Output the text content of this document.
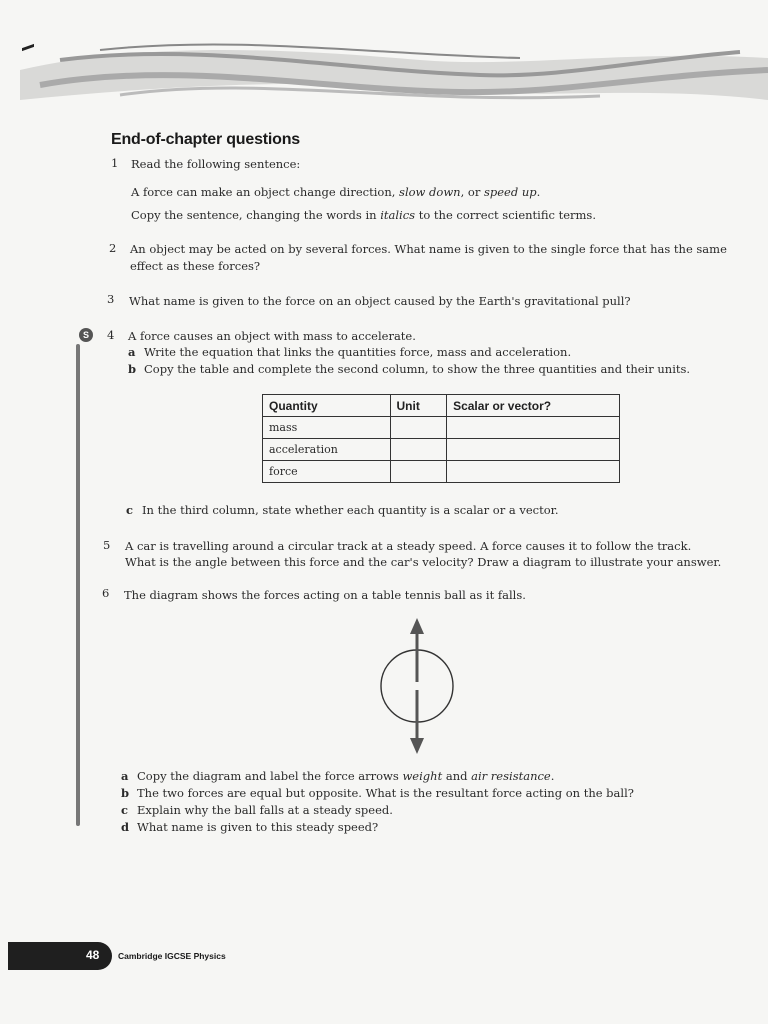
End-of-chapter questions
1 Read the following sentence:
A force can make an object change direction, slow down, or speed up.
Copy the sentence, changing the words in italics to the correct scientific terms.
2 An object may be acted on by several forces. What name is given to the single force that has the same
effect as these forces?
3 What name is given to the force on an object caused by the Earth's gravitational pull?
S	4 A force causes an object with mass to accelerate.
a Write the equation that links the quantities force, mass and acceleration.
b Copy the table and complete the second column, to show the three quantities and their units.
Quantity	Unit	Scalar or vector?
mass		
acceleration		
force		
c In the third column, state whether each quantity is a scalar or a vector.
5 A car is travelling around a circular track at a steady speed. A force causes it to follow the track.
What is the angle between this force and the car's velocity? Draw a diagram to illustrate your answer.
6 The diagram shows the forces acting on a table tennis ball as it falls.
a Copy the diagram and label the force arrows weight and air resistance.
b The two forces are equal but opposite. What is the resultant force acting on the ball?
c Explain why the ball falls at a steady speed.
d What name is given to this steady speed?
48 Cambridge IGCSE Physics
